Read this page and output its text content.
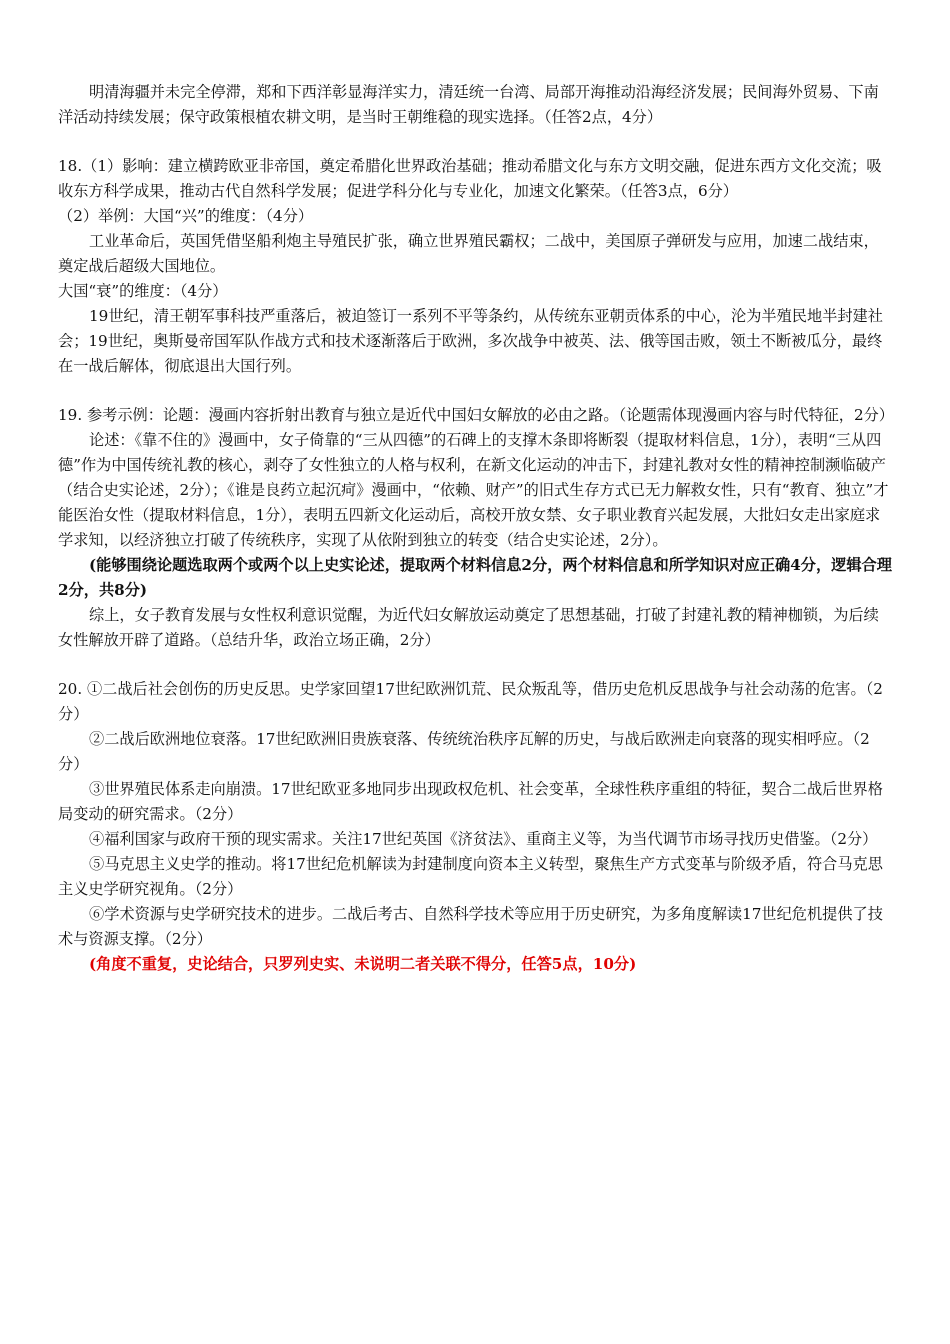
明清海疆并未完全停滞，郑和下西洋彰显海洋实力，清廷统一台湾、局部开海推动沿海经济发展；民间海外贸易、下南洋活动持续发展；保守政策根植农耕文明，是当时王朝维稳的现实选择。（任答2点，4分）

18.（1）影响：建立横跨欧亚非帝国，奠定希腊化世界政治基础；推动希腊文化与东方文明交融，促进东西方文化交流；吸收东方科学成果，推动古代自然科学发展；促进学科分化与专业化，加速文化繁荣。（任答3点，6分）

（2）举例：大国“兴”的维度：（4分）

工业革命后，英国凭借坚船利炮主导殖民扩张，确立世界殖民霸权；二战中，美国原子弹研发与应用，加速二战结束，奠定战后超级大国地位。

大国“衰”的维度：（4分）

19世纪，清王朝军事科技严重落后，被迫签订一系列不平等条约，从传统东亚朝贡体系的中心，沦为半殖民地半封建社会；19世纪，奥斯曼帝国军队作战方式和技术逐渐落后于欧洲，多次战争中被英、法、俄等国击败，领土不断被瓜分，最终在一战后解体，彻底退出大国行列。

19. 参考示例：论题：漫画内容折射出教育与独立是近代中国妇女解放的必由之路。（论题需体现漫画内容与时代特征，2分）

论述：《靠不住的》漫画中，女子倚靠的“三从四德”的石碑上的支撑木条即将断裂（提取材料信息，1分），表明“三从四德”作为中国传统礼教的核心，剥夺了女性独立的人格与权利，在新文化运动的冲击下，封建礼教对女性的精神控制濒临破产（结合史实论述，2分）；《谁是良药立起沉疴》漫画中，“依赖、财产”的旧式生存方式已无力解救女性，只有“教育、独立”才能医治女性（提取材料信息，1分），表明五四新文化运动后，高校开放女禁、女子职业教育兴起发展，大批妇女走出家庭求学求知，以经济独立打破了传统秩序，实现了从依附到独立的转变（结合史实论述，2分）。

(能够围绕论题选取两个或两个以上史实论述，提取两个材料信息2分，两个材料信息和所学知识对应正确4分，逻辑合理2分，共8分)

综上，女子教育发展与女性权利意识觉醒，为近代妇女解放运动奠定了思想基础，打破了封建礼教的精神枷锁，为后续女性解放开辟了道路。（总结升华，政治立场正确，2分）

20. ①二战后社会创伤的历史反思。史学家回望17世纪欧洲饥荒、民众叛乱等，借历史危机反思战争与社会动荡的危害。（2分）

②二战后欧洲地位衰落。17世纪欧洲旧贵族衰落、传统统治秩序瓦解的历史，与战后欧洲走向衰落的现实相呼应。（2分）

③世界殖民体系走向崩溃。17世纪欧亚多地同步出现政权危机、社会变革，全球性秩序重组的特征，契合二战后世界格局变动的研究需求。（2分）

④福利国家与政府干预的现实需求。关注17世纪英国《济贫法》、重商主义等，为当代调节市场寻找历史借鉴。（2分）

⑤马克思主义史学的推动。将17世纪危机解读为封建制度向资本主义转型，聚焦生产方式变革与阶级矛盾，符合马克思主义史学研究视角。（2分）

⑥学术资源与史学研究技术的进步。二战后考古、自然科学技术等应用于历史研究，为多角度解读17世纪危机提供了技术与资源支撑。（2分）

(角度不重复，史论结合，只罗列史实、未说明二者关联不得分，任答5点，10分)
